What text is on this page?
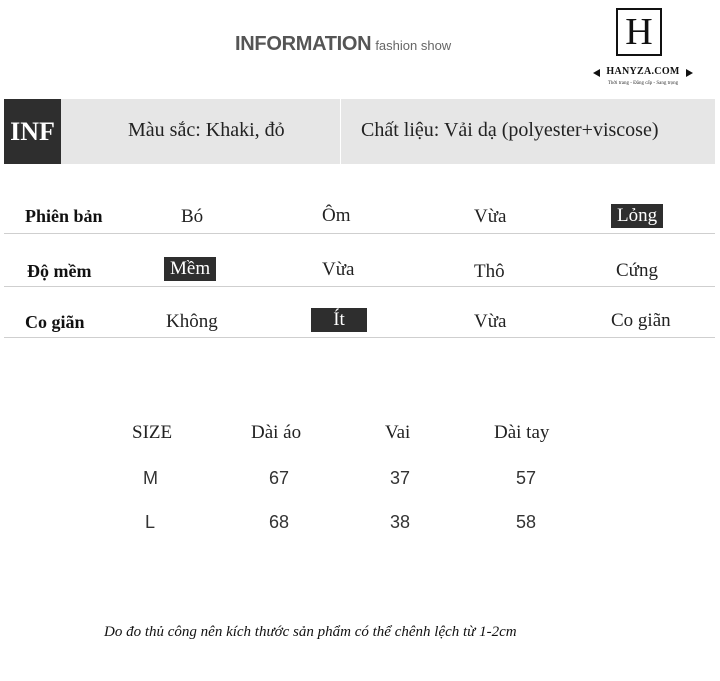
INFORMATION fashion show	H
HANYZA.COM
Thời trang - Đẳng cấp - Sang trọng
INF	Màu sắc: Khaki, đỏ	Chất liệu: Vải dạ (polyester+viscose)
Phiên bản	Bó	Ôm	Vừa	Lỏng
Độ mềm	Mềm	Vừa	Thô	Cứng
Co giãn	Không	Ít	Vừa	Co giãn
SIZE	Dài áo	Vai	Dài tay
M	67	37	57
L	68	38	58
Do đo thủ công nên kích thước sản phẩm có thể chênh lệch từ 1-2cm
